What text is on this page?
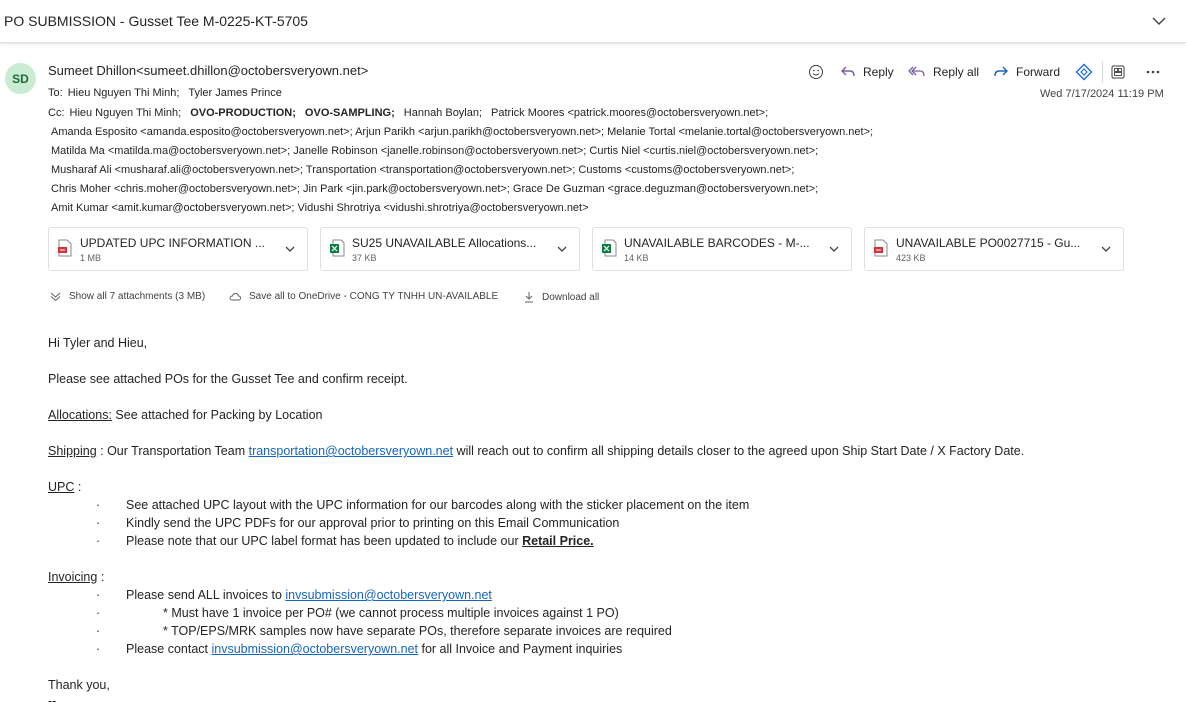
PO SUBMISSION - Gusset Tee M-0225-KT-5705
SD
Sumeet Dhillon<sumeet.dhillon@octobersveryown.net>	Reply	Reply all	Forward
Wed 7/17/2024 11:19 PM
To: Hieu Nguyen Thi Minh; Tyler James Prince
Cc: Hieu Nguyen Thi Minh; OVO-PRODUCTION; OVO-SAMPLING; Hannah Boylan; Patrick Moores <patrick.moores@octobersveryown.net>;
Amanda Esposito <amanda.esposito@octobersveryown.net>; Arjun Parikh <arjun.parikh@octobersveryown.net>; Melanie Tortal <melanie.tortal@octobersveryown.net>;
Matilda Ma <matilda.ma@octobersveryown.net>; Janelle Robinson <janelle.robinson@octobersveryown.net>; Curtis Niel <curtis.niel@octobersveryown.net>;
Musharaf Ali <musharaf.ali@octobersveryown.net>; Transportation <transportation@octobersveryown.net>; Customs <customs@octobersveryown.net>;
Chris Moher <chris.moher@octobersveryown.net>; Jin Park <jin.park@octobersveryown.net>; Grace De Guzman <grace.deguzman@octobersveryown.net>;
Amit Kumar <amit.kumar@octobersveryown.net>; Vidushi Shrotriya <vidushi.shrotriya@octobersveryown.net>
UPDATED UPC INFORMATION ...
1 MB
SU25 UNAVAILABLE Allocations...
37 KB
UNAVAILABLE BARCODES - M-...
14 KB
UNAVAILABLE PO0027715 - Gu...
423 KB
Show all 7 attachments (3 MB)	Save all to OneDrive - CONG TY TNHH UN-AVAILABLE	Download all
Hi Tyler and Hieu,
Please see attached POs for the Gusset Tee and confirm receipt.
Allocations: See attached for Packing by Location
Shipping : Our Transportation Team transportation@octobersveryown.net will reach out to confirm all shipping details closer to the agreed upon Ship Start Date / X Factory Date.
UPC :
· See attached UPC layout with the UPC information for our barcodes along with the sticker placement on the item
· Kindly send the UPC PDFs for our approval prior to printing on this Email Communication
· Please note that our UPC label format has been updated to include our Retail Price.
Invoicing :
· Please send ALL invoices to invsubmission@octobersveryown.net
·	* Must have 1 invoice per PO# (we cannot process multiple invoices against 1 PO)
·	* TOP/EPS/MRK samples now have separate POs, therefore separate invoices are required
· Please contact invsubmission@octobersveryown.net for all Invoice and Payment inquiries
Thank you,
--
